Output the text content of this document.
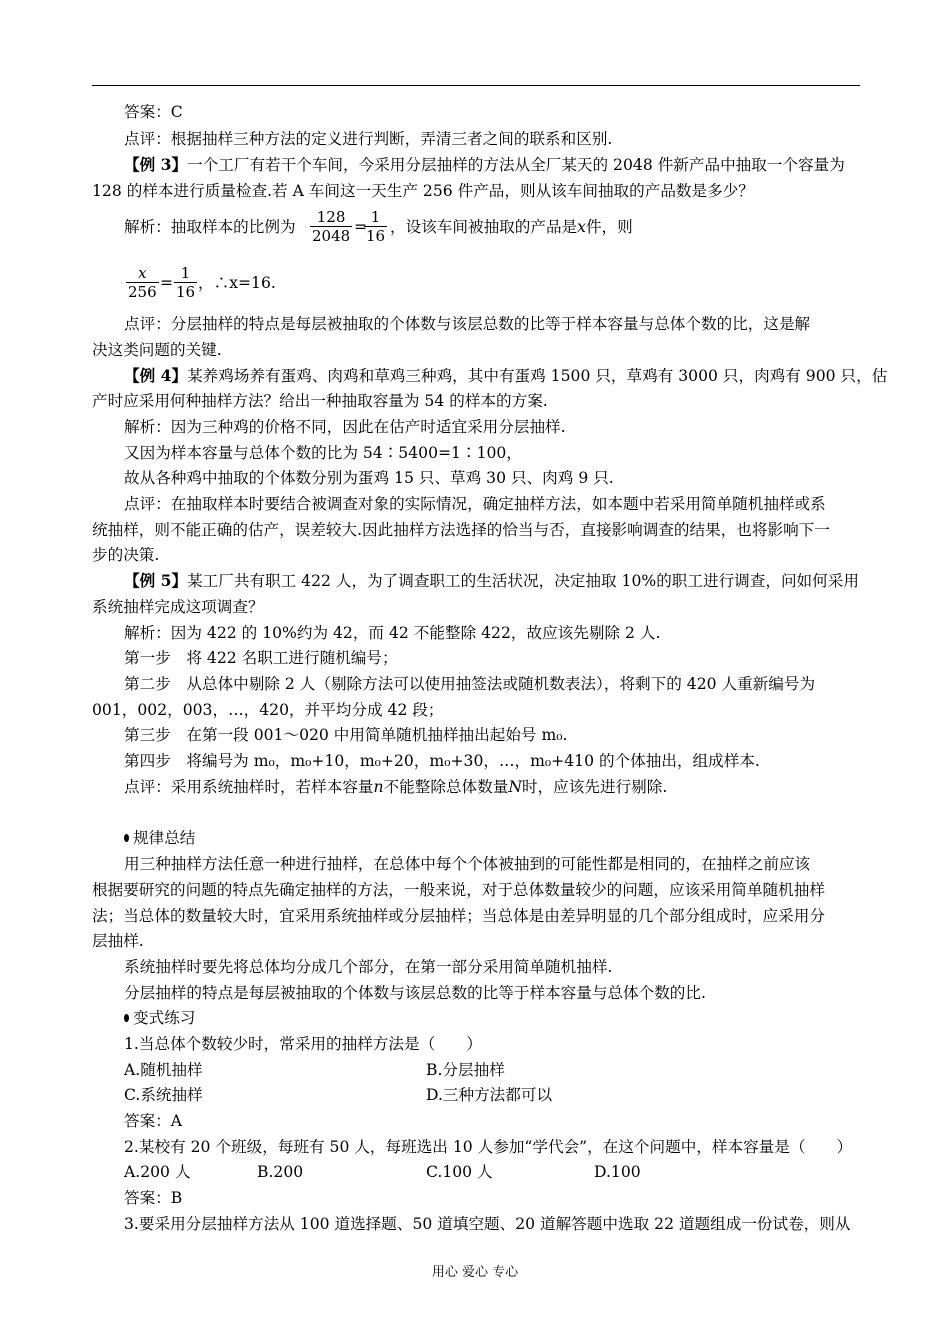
答案：C
点评：根据抽样三种方法的定义进行判断，弄清三者之间的联系和区别.
【例 3】一个工厂有若干个车间，今采用分层抽样的方法从全厂某天的 2048 件新产品中抽取一个容量为
128 的样本进行质量检查.若 A 车间这一天生产 256 件产品，则从该车间抽取的产品数是多少？
解析：抽取样本的比例为
128
2048 =
1
16 ，设该车间被抽取的产品是x件，则
x
256 =
1
16 ，∴x=16.
点评：分层抽样的特点是每层被抽取的个体数与该层总数的比等于样本容量与总体个数的比，这是解
决这类问题的关键.
【例 4】某养鸡场养有蛋鸡、肉鸡和草鸡三种鸡，其中有蛋鸡 1500 只，草鸡有 3000 只，肉鸡有 900 只，估
产时应采用何种抽样方法？给出一种抽取容量为 54 的样本的方案.
解析：因为三种鸡的价格不同，因此在估产时适宜采用分层抽样.
又因为样本容量与总体个数的比为 54∶5400=1∶100，
故从各种鸡中抽取的个体数分别为蛋鸡 15 只、草鸡 30 只、肉鸡 9 只.
点评：在抽取样本时要结合被调查对象的实际情况，确定抽样方法，如本题中若采用简单随机抽样或系
统抽样，则不能正确的估产，误差较大.因此抽样方法选择的恰当与否，直接影响调查的结果，也将影响下一
步的决策.
【例 5】某工厂共有职工 422 人，为了调查职工的生活状况，决定抽取 10%的职工进行调查，问如何采用
系统抽样完成这项调查？
解析：因为 422 的 10%约为 42，而 42 不能整除 422，故应该先剔除 2 人.
第一步　将 422 名职工进行随机编号；
第二步　从总体中剔除 2 人（剔除方法可以使用抽签法或随机数表法），将剩下的 420 人重新编号为
001，002，003，…，420，并平均分成 42 段；
第三步　在第一段 001～020 中用简单随机抽样抽出起始号 m₀.
第四步　将编号为 m₀，m₀+10，m₀+20，m₀+30，…，m₀+410 的个体抽出，组成样本.
点评：采用系统抽样时，若样本容量n不能整除总体数量N时，应该先进行剔除.
规律总结
用三种抽样方法任意一种进行抽样，在总体中每个个体被抽到的可能性都是相同的，在抽样之前应该
根据要研究的问题的特点先确定抽样的方法，一般来说，对于总体数量较少的问题，应该采用简单随机抽样
法；当总体的数量较大时，宜采用系统抽样或分层抽样；当总体是由差异明显的几个部分组成时，应采用分
层抽样.
系统抽样时要先将总体均分成几个部分，在第一部分采用简单随机抽样.
分层抽样的特点是每层被抽取的个体数与该层总数的比等于样本容量与总体个数的比.
变式练习
1.当总体个数较少时，常采用的抽样方法是（　　）
A.随机抽样	B.分层抽样
C.系统抽样	D.三种方法都可以
答案：A
2.某校有 20 个班级，每班有 50 人，每班选出 10 人参加“学代会”，在这个问题中，样本容量是（　　）
A.200 人	B.200	C.100 人	D.100
答案：B
3.要采用分层抽样方法从 100 道选择题、50 道填空题、20 道解答题中选取 22 道题组成一份试卷，则从
用心 爱心 专心
